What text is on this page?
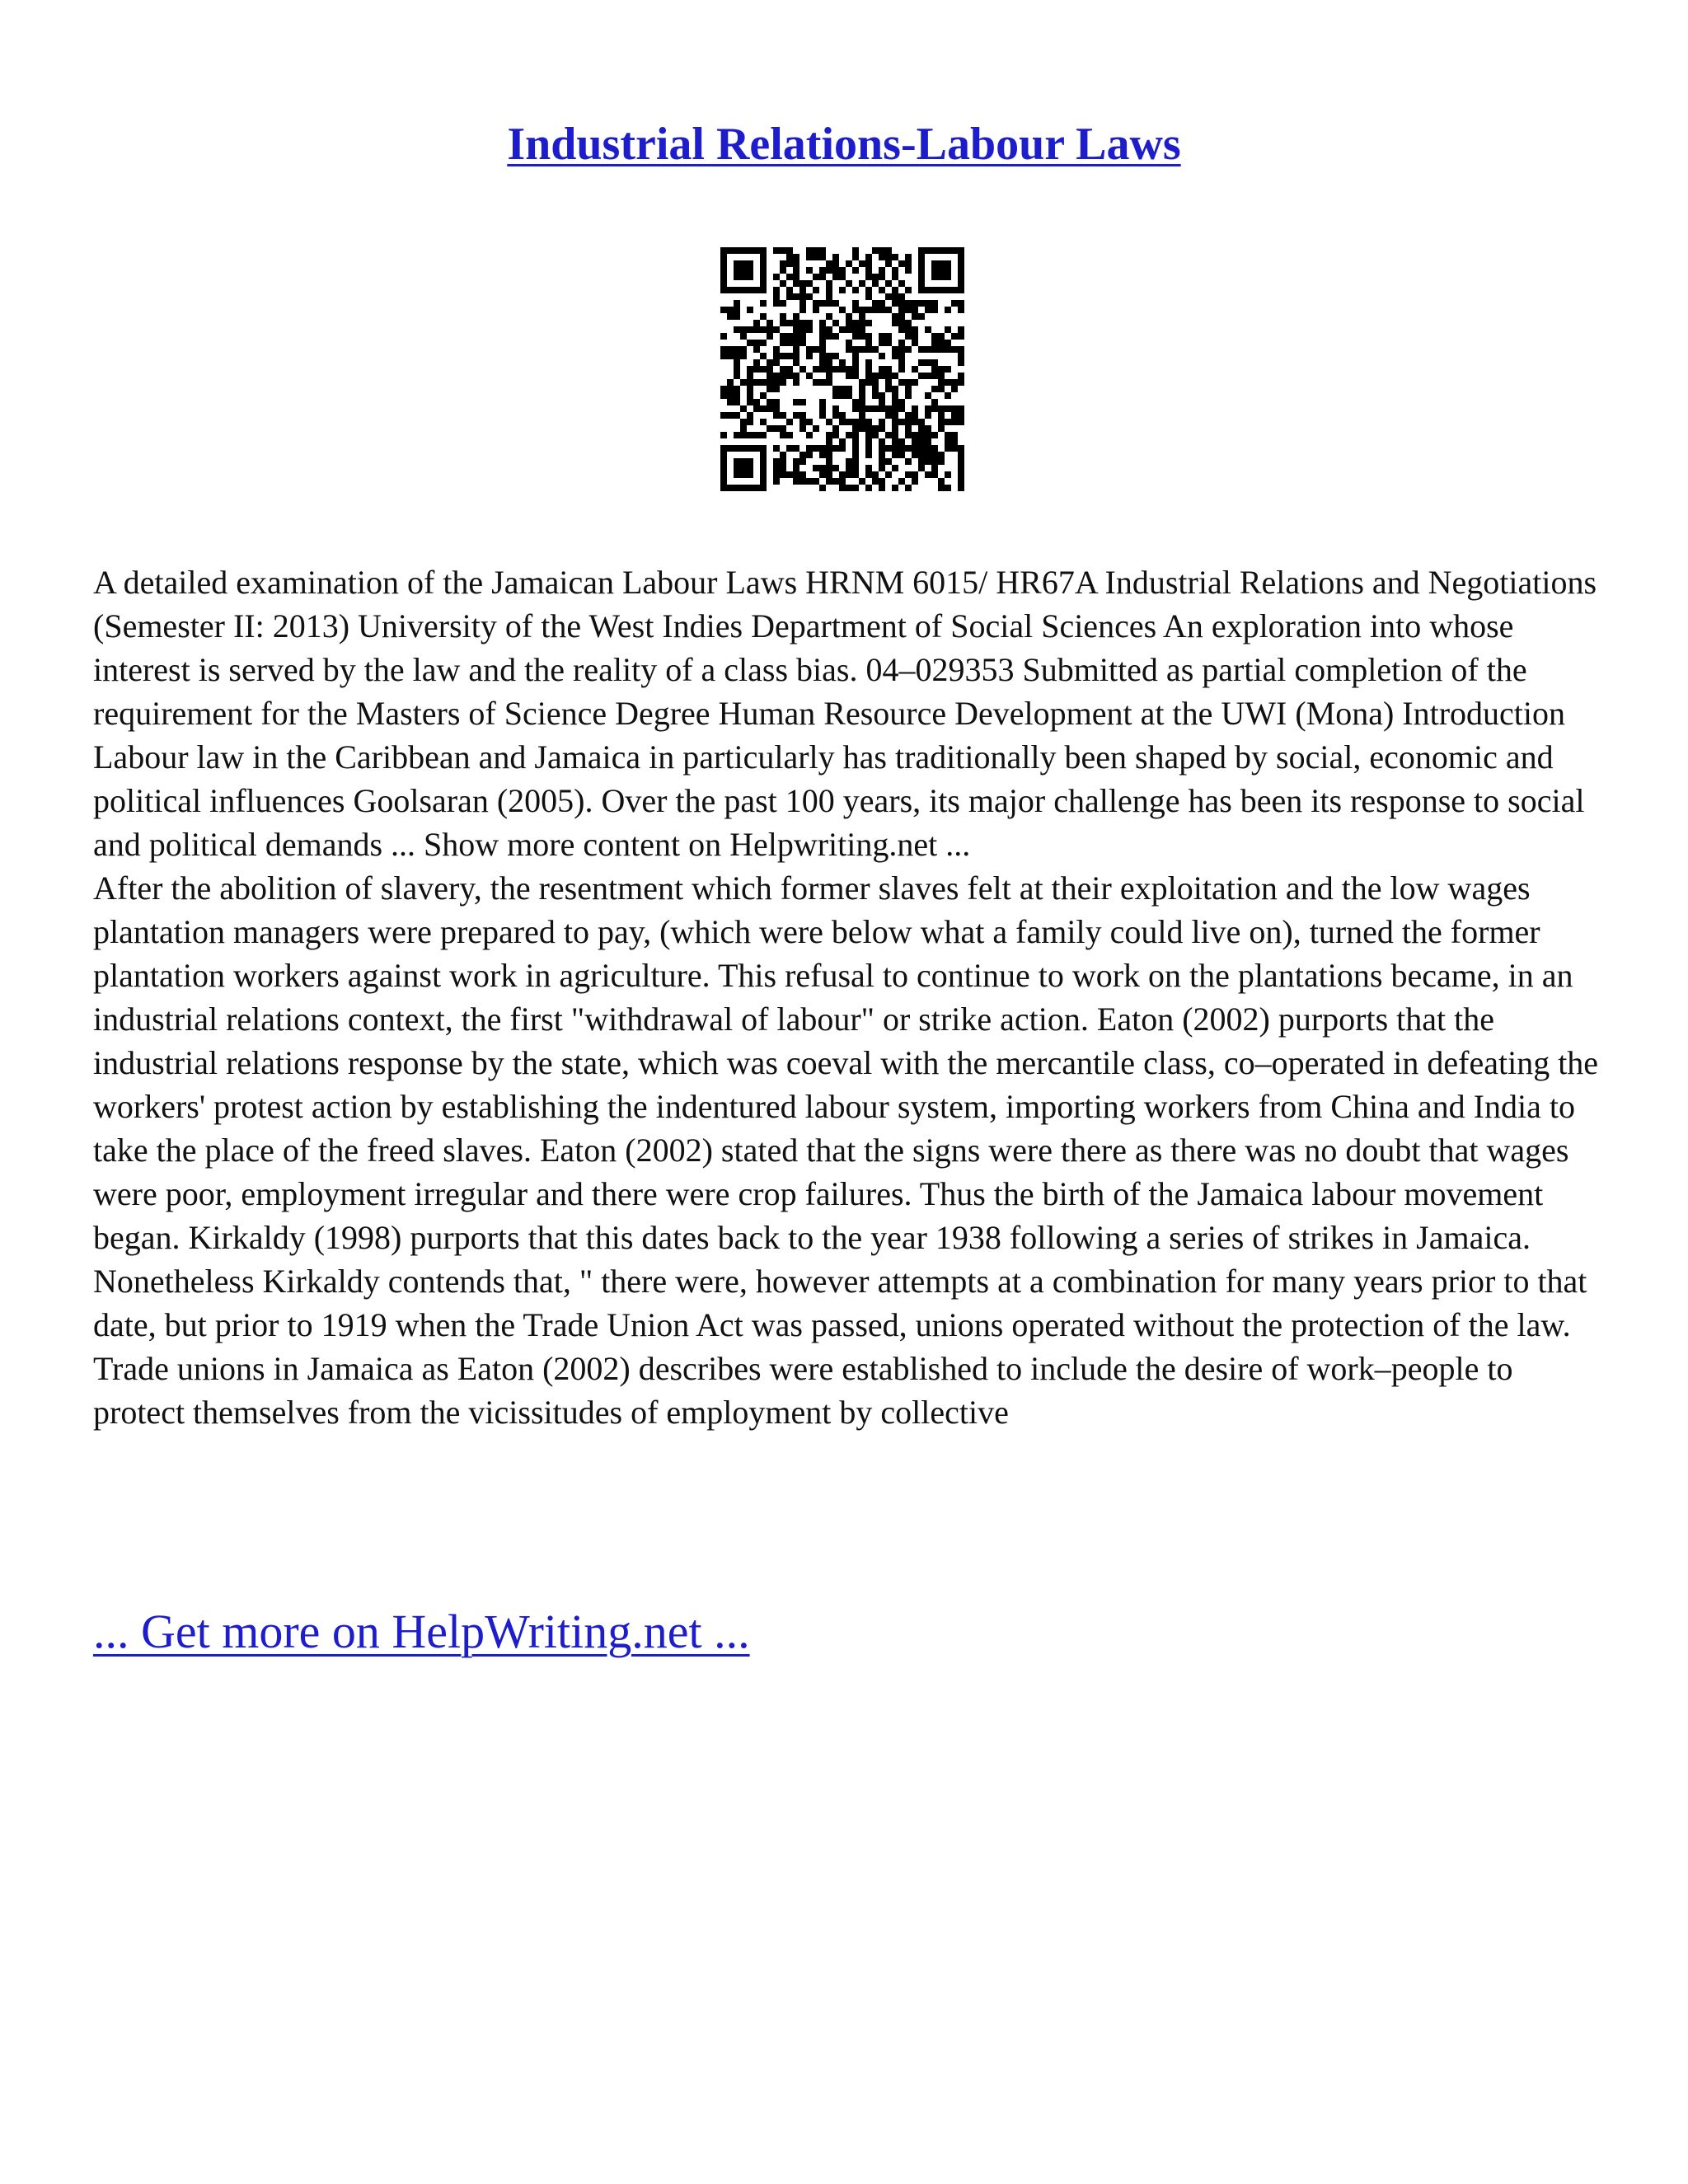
Industrial Relations-Labour Laws

A detailed examination of the Jamaican Labour Laws HRNM 6015/ HR67A Industrial Relations and Negotiations (Semester II: 2013) University of the West Indies Department of Social Sciences An exploration into whose interest is served by the law and the reality of a class bias. 04–029353 Submitted as partial completion of the requirement for the Masters of Science Degree Human Resource Development at the UWI (Mona) Introduction Labour law in the Caribbean and Jamaica in particularly has traditionally been shaped by social, economic and political influences Goolsaran (2005). Over the past 100 years, its major challenge has been its response to social and political demands ... Show more content on Helpwriting.net ...

After the abolition of slavery, the resentment which former slaves felt at their exploitation and the low wages plantation managers were prepared to pay, (which were below what a family could live on), turned the former plantation workers against work in agriculture. This refusal to continue to work on the plantations became, in an industrial relations context, the first "withdrawal of labour" or strike action. Eaton (2002) purports that the industrial relations response by the state, which was coeval with the mercantile class, co–operated in defeating the workers' protest action by establishing the indentured labour system, importing workers from China and India to take the place of the freed slaves. Eaton (2002) stated that the signs were there as there was no doubt that wages were poor, employment irregular and there were crop failures. Thus the birth of the Jamaica labour movement began. Kirkaldy (1998) purports that this dates back to the year 1938 following a series of strikes in Jamaica. Nonetheless Kirkaldy contends that, " there were, however attempts at a combination for many years prior to that date, but prior to 1919 when the Trade Union Act was passed, unions operated without the protection of the law. Trade unions in Jamaica as Eaton (2002) describes were established to include the desire of work–people to protect themselves from the vicissitudes of employment by collective

... Get more on HelpWriting.net ...
